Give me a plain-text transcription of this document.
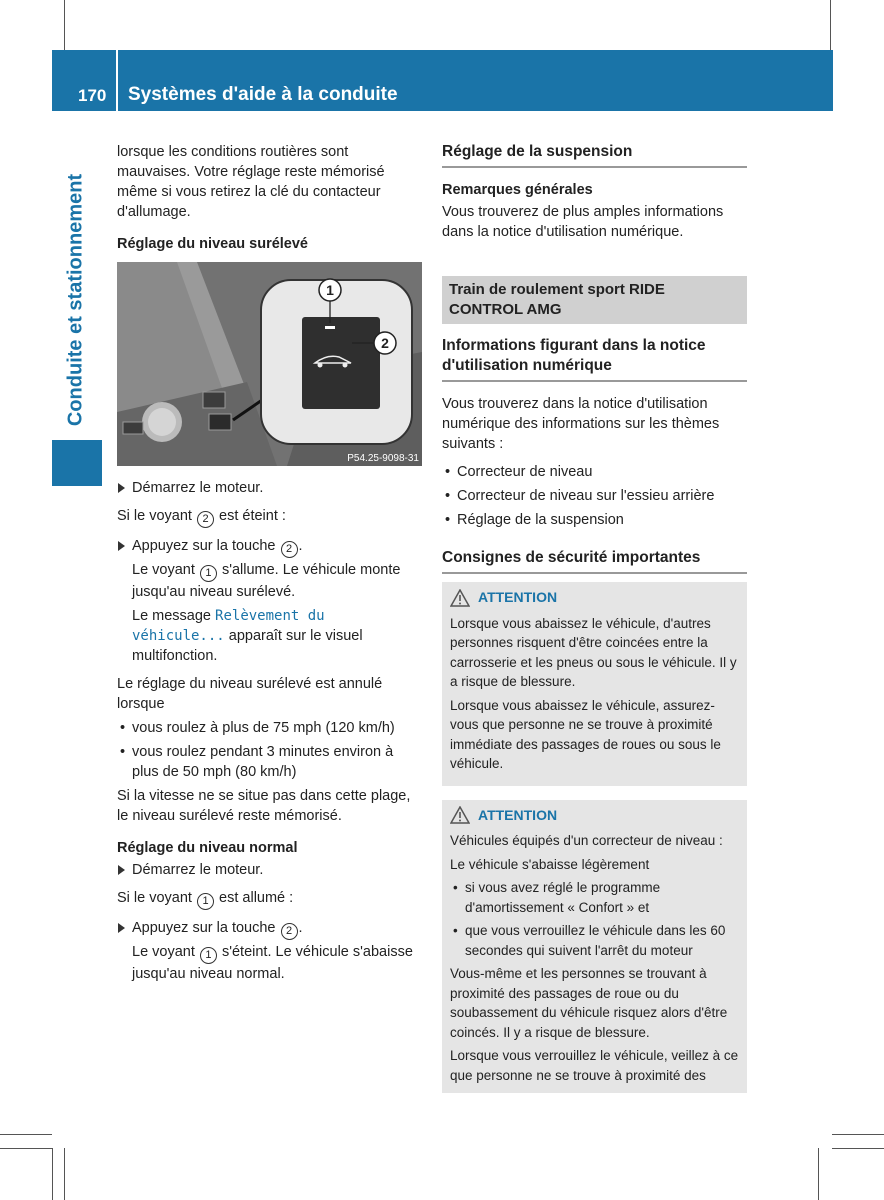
170 Systèmes d'aide à la conduite
Conduite et stationnement

lorsque les conditions routières sont mauvaises. Votre réglage reste mémorisé même si vous retirez la clé du contacteur d'allumage.

Réglage du niveau surélevé

1
2
P54.25-9098-31
Démarrez le moteur.

Si le voyant 2 est éteint :

Appuyez sur la touche 2 .

Le voyant 1 s'allume. Le véhicule monte jusqu'au niveau surélevé.

Le message Relèvement du véhicule... apparaît sur le visuel multifonction.

Le réglage du niveau surélevé est annulé lorsque

• vous roulez à plus de 75 mph (120 km/h)
• vous roulez pendant 3 minutes environ à plus de 50 mph (80 km/h)

Si la vitesse ne se situe pas dans cette plage, le niveau surélevé reste mémorisé.

Réglage du niveau normal

Démarrez le moteur.

Si le voyant 1 est allumé :

Appuyez sur la touche 2 .

Le voyant 1 s'éteint. Le véhicule s'abaisse jusqu'au niveau normal.

Réglage de la suspension

Remarques générales

Vous trouverez de plus amples informations dans la notice d'utilisation numérique.

Train de roulement sport RIDE CONTROL AMG
Informations figurant dans la notice d'utilisation numérique

Vous trouverez dans la notice d'utilisation numérique des informations sur les thèmes suivants :

• Correcteur de niveau
• Correcteur de niveau sur l'essieu arrière
• Réglage de la suspension
Consignes de sécurité importantes
ATTENTION

Lorsque vous abaissez le véhicule, d'autres personnes risquent d'être coincées entre la carrosserie et les pneus ou sous le véhicule. Il y a risque de blessure.

Lorsque vous abaissez le véhicule, assurez-vous que personne ne se trouve à proximité immédiate des passages de roues ou sous le véhicule.

ATTENTION

Véhicules équipés d'un correcteur de niveau :

Le véhicule s'abaisse légèrement

• si vous avez réglé le programme d'amortissement « Confort » et
• que vous verrouillez le véhicule dans les 60 secondes qui suivent l'arrêt du moteur

Vous-même et les personnes se trouvant à proximité des passages de roue ou du soubassement du véhicule risquez alors d'être coincés. Il y a risque de blessure.

Lorsque vous verrouillez le véhicule, veillez à ce que personne ne se trouve à proximité des
